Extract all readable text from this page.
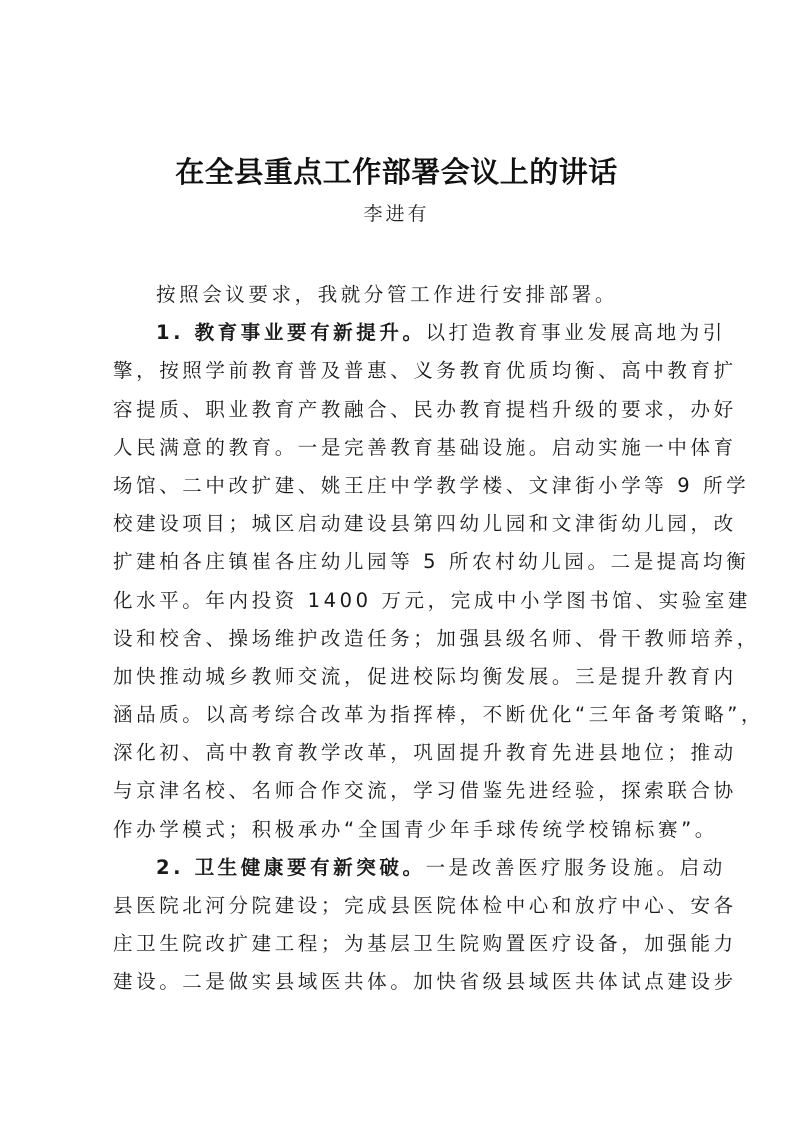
在全县重点工作部署会议上的讲话
李进有
按照会议要求，我就分管工作进行安排部署。
1. 教育事业要有新提升。以打造教育事业发展高地为引
擎，按照学前教育普及普惠、义务教育优质均衡、高中教育扩
容提质、职业教育产教融合、民办教育提档升级的要求，办好
人民满意的教育。一是完善教育基础设施。启动实施一中体育
场馆、二中改扩建、姚王庄中学教学楼、文津街小学等 9 所学
校建设项目；城区启动建设县第四幼儿园和文津街幼儿园，改
扩建柏各庄镇崔各庄幼儿园等 5 所农村幼儿园。二是提高均衡
化水平。年内投资 1400 万元，完成中小学图书馆、实验室建
设和校舍、操场维护改造任务；加强县级名师、骨干教师培养，
加快推动城乡教师交流，促进校际均衡发展。三是提升教育内
涵品质。以高考综合改革为指挥棒，不断优化“三年备考策略”，
深化初、高中教育教学改革，巩固提升教育先进县地位；推动
与京津名校、名师合作交流，学习借鉴先进经验，探索联合协
作办学模式；积极承办“全国青少年手球传统学校锦标赛”。
2. 卫生健康要有新突破。一是改善医疗服务设施。启动
县医院北河分院建设；完成县医院体检中心和放疗中心、安各
庄卫生院改扩建工程；为基层卫生院购置医疗设备，加强能力
建设。二是做实县域医共体。加快省级县域医共体试点建设步
